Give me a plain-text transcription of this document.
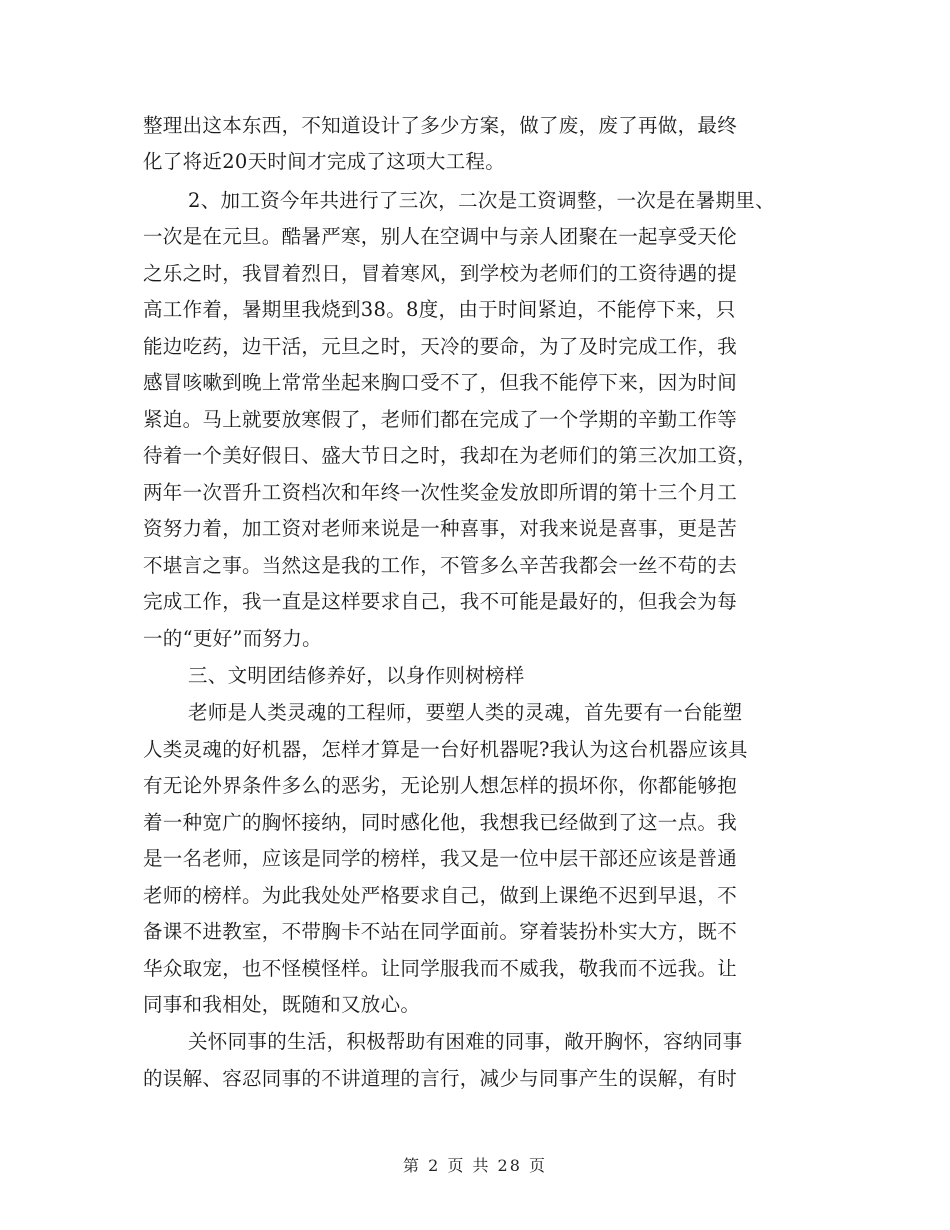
整理出这本东西，不知道设计了多少方案，做了废，废了再做，最终
化了将近20天时间才完成了这项大工程。
2、加工资今年共进行了三次，二次是工资调整，一次是在暑期里、
一次是在元旦。酷暑严寒，别人在空调中与亲人团聚在一起享受天伦
之乐之时，我冒着烈日，冒着寒风，到学校为老师们的工资待遇的提
高工作着，暑期里我烧到38。8度，由于时间紧迫，不能停下来，只
能边吃药，边干活，元旦之时，天冷的要命，为了及时完成工作，我
感冒咳嗽到晚上常常坐起来胸口受不了，但我不能停下来，因为时间
紧迫。马上就要放寒假了，老师们都在完成了一个学期的辛勤工作等
待着一个美好假日、盛大节日之时，我却在为老师们的第三次加工资，
两年一次晋升工资档次和年终一次性奖金发放即所谓的第十三个月工
资努力着，加工资对老师来说是一种喜事，对我来说是喜事，更是苦
不堪言之事。当然这是我的工作，不管多么辛苦我都会一丝不苟的去
完成工作，我一直是这样要求自己，我不可能是最好的，但我会为每
一的“更好”而努力。
三、文明团结修养好，以身作则树榜样
老师是人类灵魂的工程师，要塑人类的灵魂，首先要有一台能塑
人类灵魂的好机器，怎样才算是一台好机器呢?我认为这台机器应该具
有无论外界条件多么的恶劣，无论别人想怎样的损坏你，你都能够抱
着一种宽广的胸怀接纳，同时感化他，我想我已经做到了这一点。我
是一名老师，应该是同学的榜样，我又是一位中层干部还应该是普通
老师的榜样。为此我处处严格要求自己，做到上课绝不迟到早退，不
备课不进教室，不带胸卡不站在同学面前。穿着装扮朴实大方，既不
华众取宠，也不怪模怪样。让同学服我而不威我，敬我而不远我。让
同事和我相处，既随和又放心。
关怀同事的生活，积极帮助有困难的同事，敞开胸怀，容纳同事
的误解、容忍同事的不讲道理的言行，减少与同事产生的误解，有时
第 2 页 共 28 页
